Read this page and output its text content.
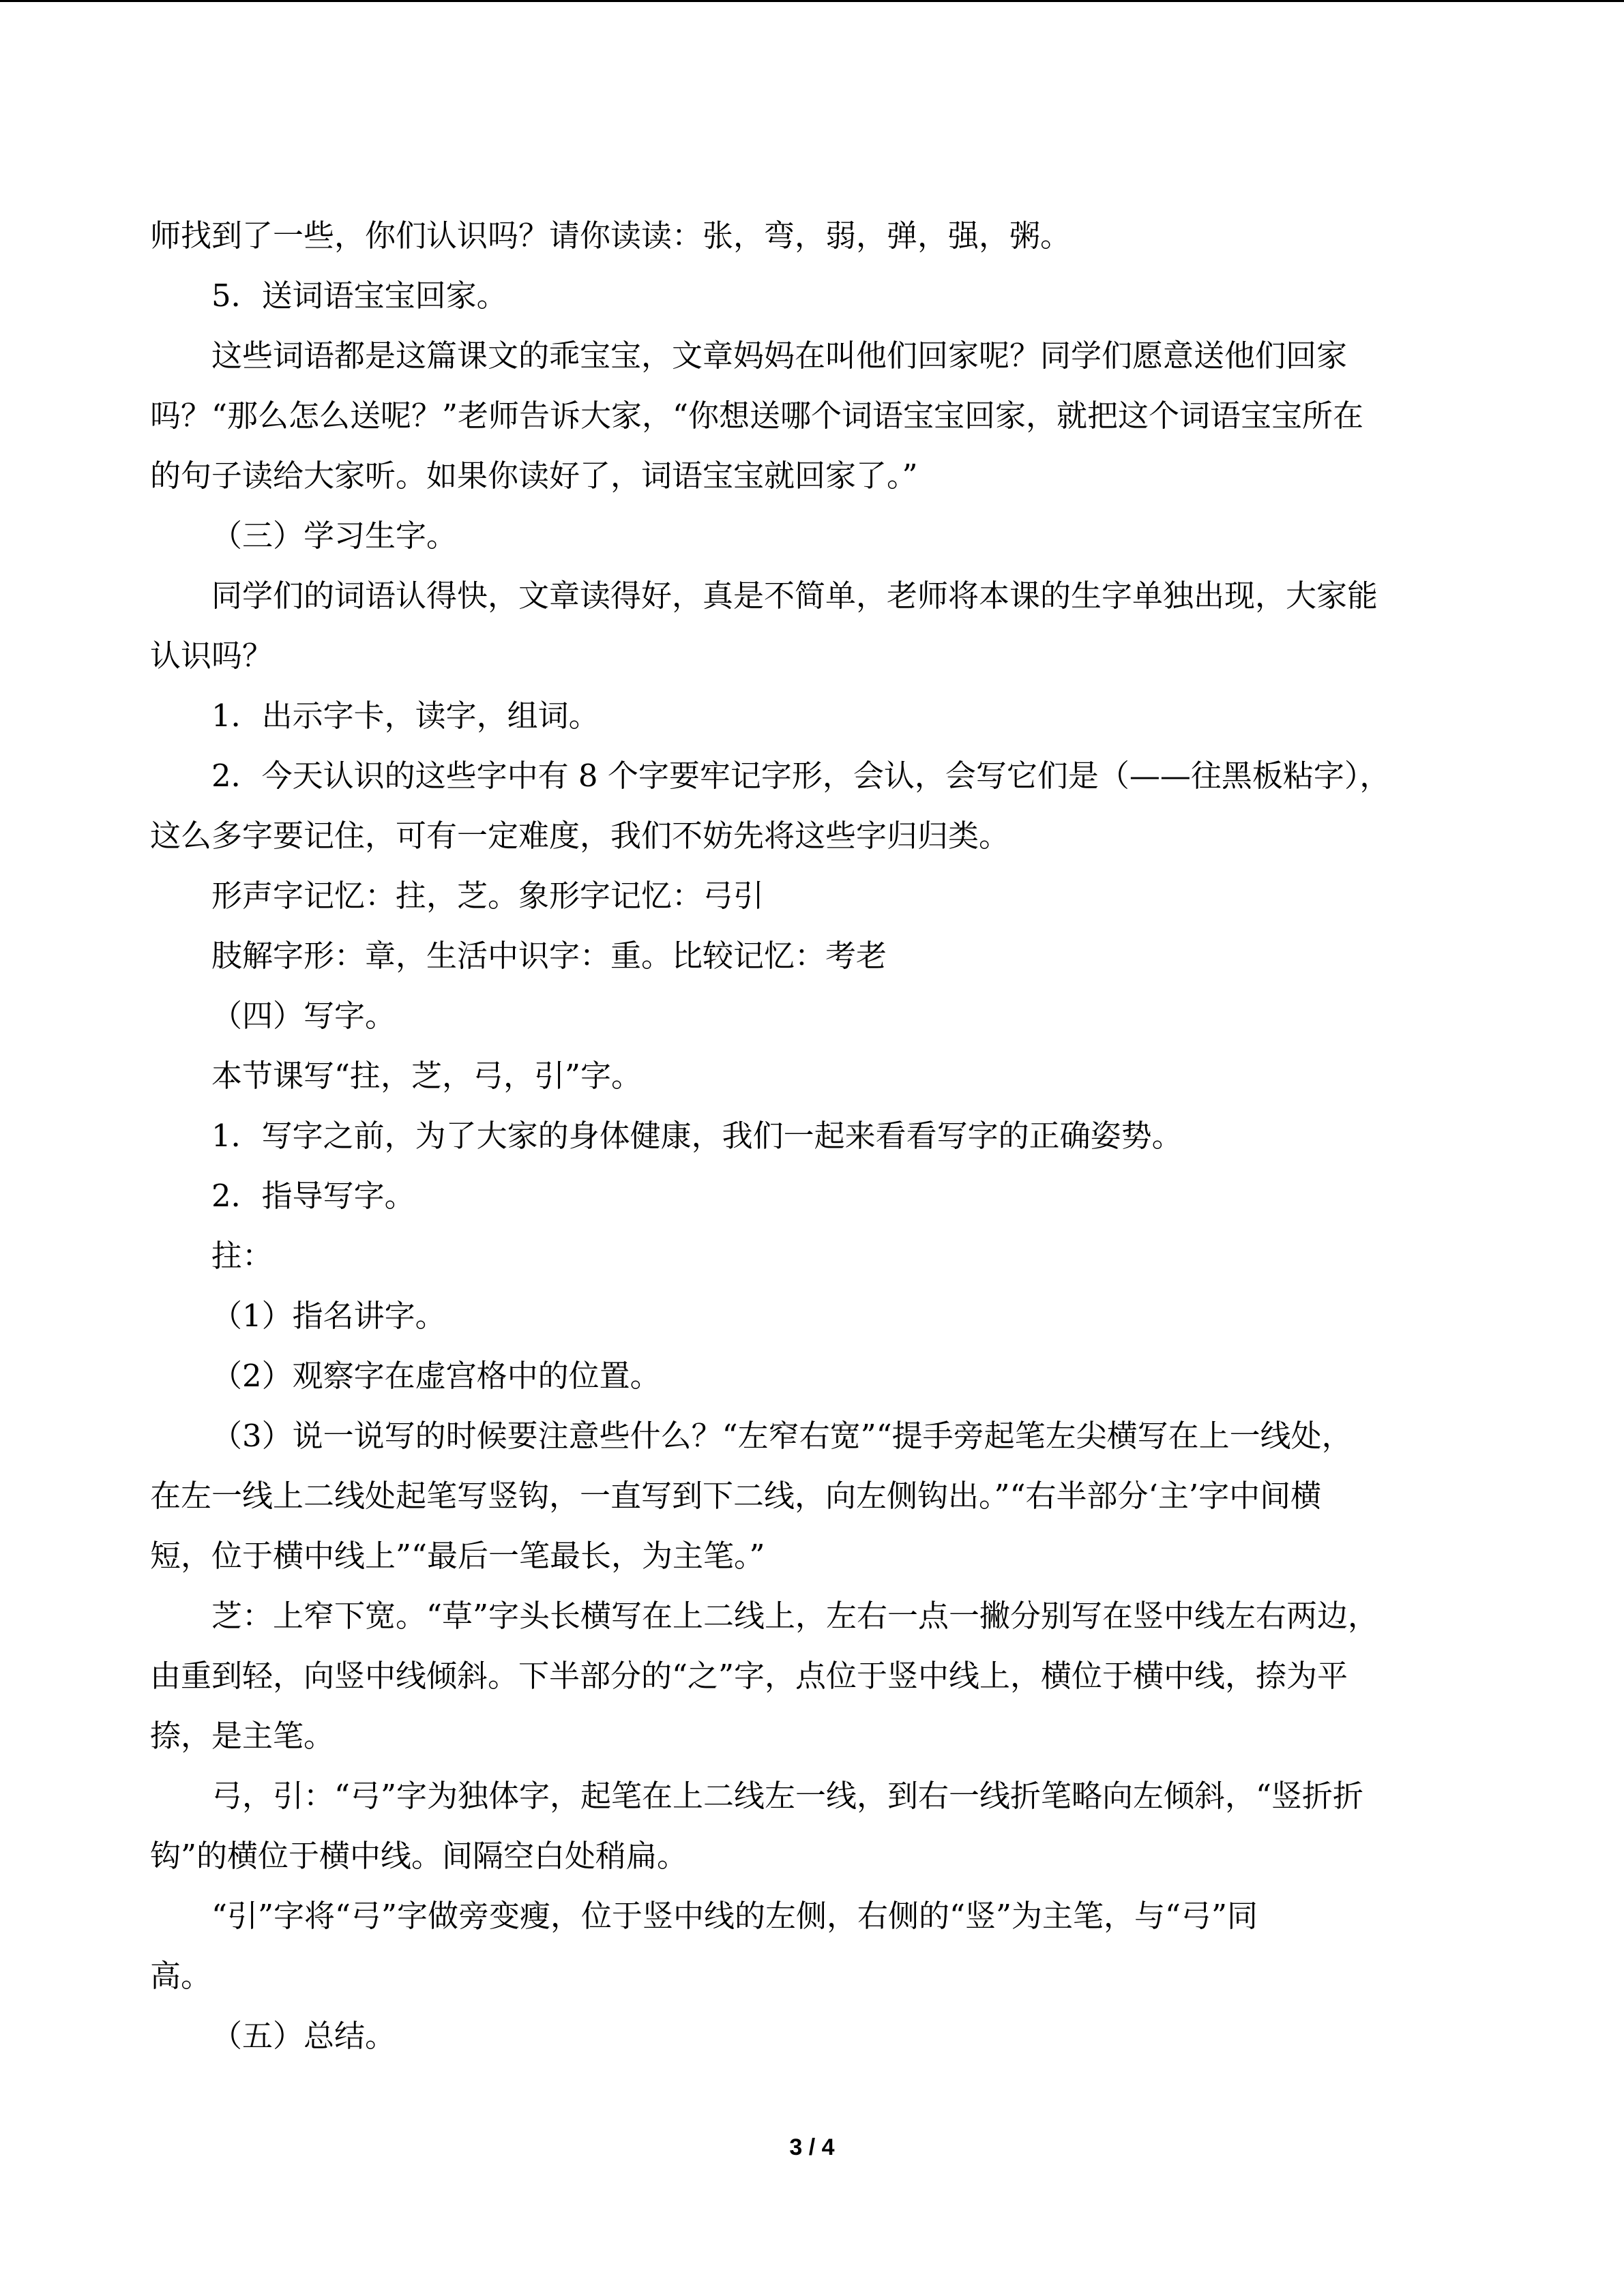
师找到了一些，你们认识吗？请你读读：张，弯，弱，弹，强，粥。
5．送词语宝宝回家。
这些词语都是这篇课文的乖宝宝，文章妈妈在叫他们回家呢？同学们愿意送他们回家
吗？“那么怎么送呢？”老师告诉大家，“你想送哪个词语宝宝回家，就把这个词语宝宝所在
的句子读给大家听。如果你读好了，词语宝宝就回家了。”
（三）学习生字。
同学们的词语认得快，文章读得好，真是不简单，老师将本课的生字单独出现，大家能
认识吗？
1．出示字卡，读字，组词。
2．今天认识的这些字中有 8 个字要牢记字形，会认，会写它们是（——往黑板粘字），
这么多字要记住，可有一定难度，我们不妨先将这些字归归类。
形声字记忆：拄，芝。象形字记忆：弓引
肢解字形：章，生活中识字：重。比较记忆：考老
（四）写字。
本节课写“拄，芝，弓，引”字。
1．写字之前，为了大家的身体健康，我们一起来看看写字的正确姿势。
2．指导写字。
拄：
（1）指名讲字。
（2）观察字在虚宫格中的位置。
（3）说一说写的时候要注意些什么？“左窄右宽”“提手旁起笔左尖横写在上一线处，
在左一线上二线处起笔写竖钩，一直写到下二线，向左侧钩出。”“右半部分‘主’字中间横
短，位于横中线上”“最后一笔最长，为主笔。”
芝：上窄下宽。“草”字头长横写在上二线上，左右一点一撇分别写在竖中线左右两边，
由重到轻，向竖中线倾斜。下半部分的“之”字，点位于竖中线上，横位于横中线，捺为平
捺，是主笔。
弓，引：“弓”字为独体字，起笔在上二线左一线，到右一线折笔略向左倾斜，“竖折折
钩”的横位于横中线。间隔空白处稍扁。
“引”字将“弓”字做旁变瘦，位于竖中线的左侧，右侧的“竖”为主笔，与“弓”同
高。
（五）总结。
3 / 4
